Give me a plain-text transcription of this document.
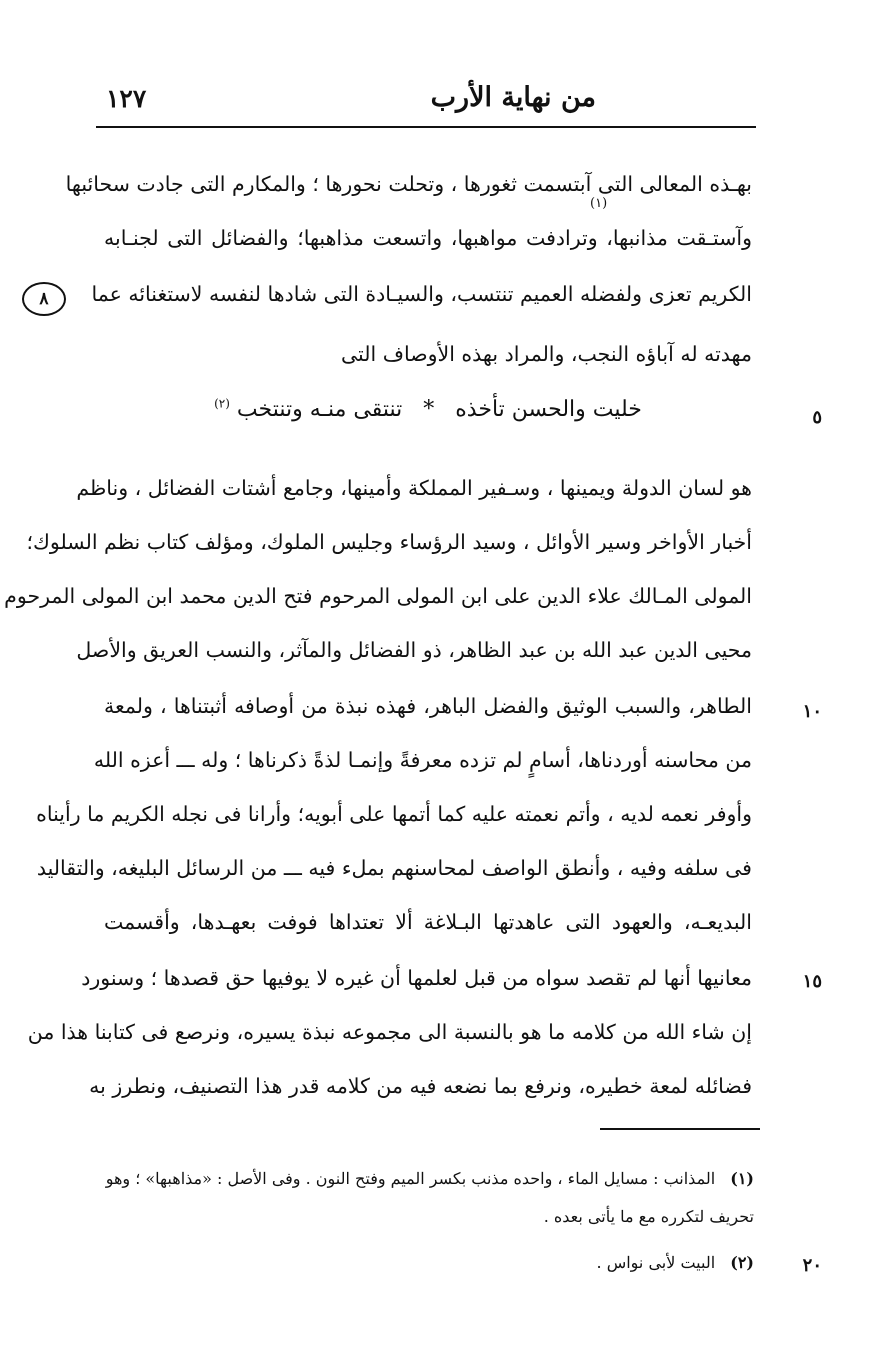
١٢٧	من نهاية الأرب
٨
بهـذه المعالى التى آبتسمت ثغورها ، وتحلت نحورها ؛ والمكارم التى جادت سحائبها
وآستـقت مذانبها، وترادفت مواهبها، واتسعت مذاهبها؛ والفضائل التى لجنـابه
(١)
الكريم تعزى ولفضله العميم تنتسب، والسيـادة التى شادها لنفسه لاستغنائه عما
مهدته له آباؤه النجب، والمراد بهذه الأوصاف التى
خليت والحسن تأخذه * تنتقى منـه وتنتخب $^{(٢)}$
٥
هو لسان الدولة ويمينها ، وسـفير المملكة وأمينها، وجامع أشتات الفضائل ، وناظم
أخبار الأواخر وسير الأوائل ، وسيد الرؤساء وجليس الملوك، ومؤلف كتاب نظم السلوك؛
المولى المـالك علاء الدين على ابن المولى المرحوم فتح الدين محمد ابن المولى المرحوم
محيى الدين عبد الله بن عبد الظاهر، ذو الفضائل والمآثر، والنسب العريق والأصل
الطاهر، والسبب الوثيق والفضل الباهر، فهذه نبذة من أوصافه أثبتناها ، ولمعة	١٠
من محاسنه أوردناها، أسامٍ لم تزده معرفةً وإنمـا لذةً ذكرناها ؛ وله ـــ أعزه الله
وأوفر نعمه لديه ، وأتم نعمته عليه كما أتمها على أبويه؛ وأرانا فى نجله الكريم ما رأيناه
فى سلفه وفيه ، وأنطق الواصف لمحاسنهم بملء فيه ـــ من الرسائل البليغه، والتقاليد
البديعـه، والعهود التى عاهدتها البـلاغة ألا تعتداها فوفت بعهـدها، وأقسمت
معانيها أنها لم تقصد سواه من قبل لعلمها أن غيره لا يوفيها حق قصدها ؛ وسنورد	١٥
إن شاء الله من كلامه ما هو بالنسبة الى مجموعه نبذة يسيره، ونرصع فى كتابنا هذا من
فضائله لمعة خطيره، ونرفع بما نضعه فيه من كلامه قدر هذا التصنيف، ونطرز به
(١) المذانب : مسايل الماء ، واحده مذنب بكسر الميم وفتح النون . وفى الأصل : «مذاهبها» ؛ وهو
تحريف لتكرره مع ما يأتى بعده .
(٢) البيت لأبى نواس .	٢٠
